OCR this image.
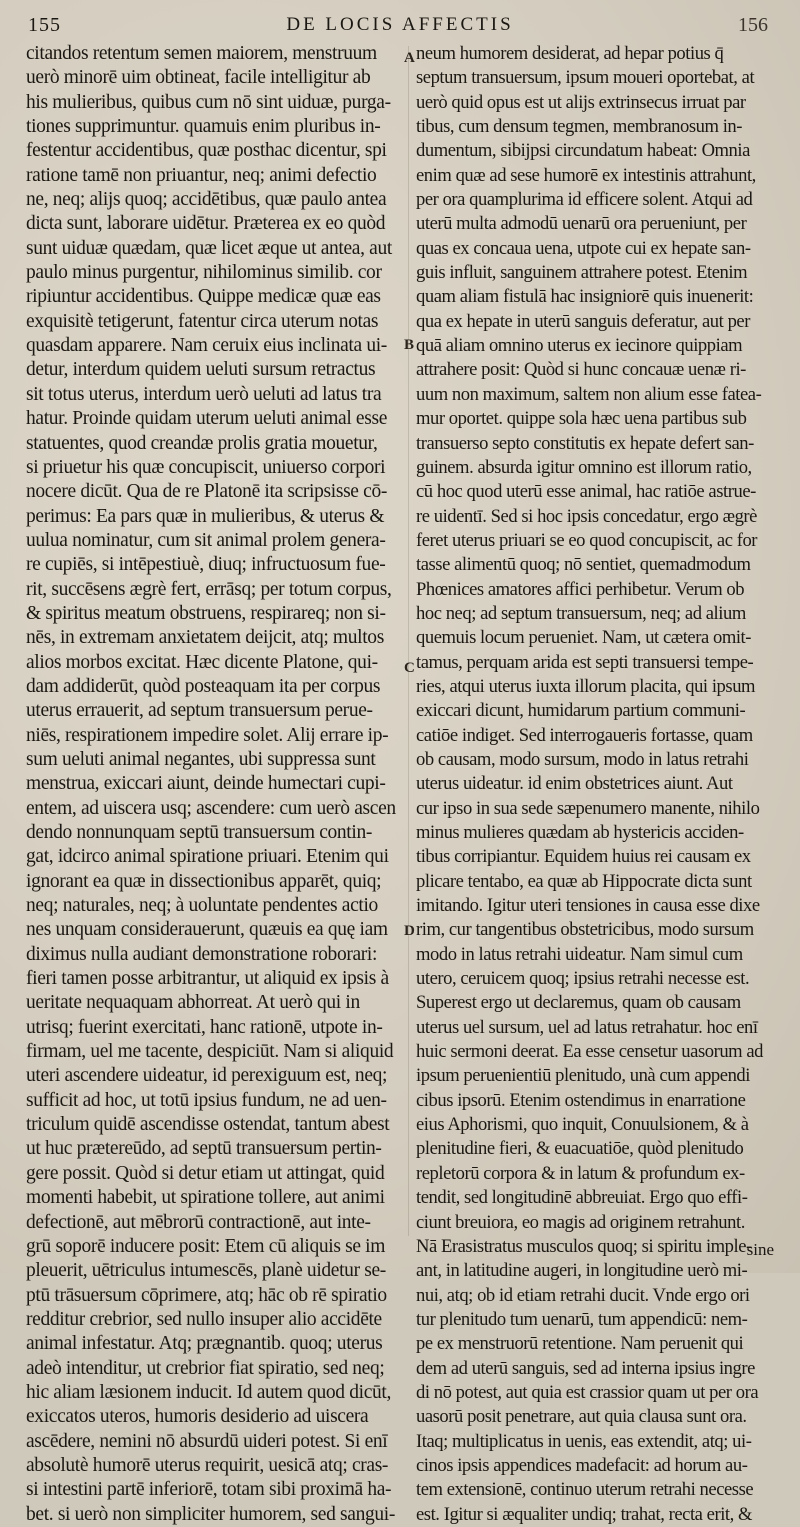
155	DE LOCIS AFFECTIS	156
citandos retentum semen maiorem, menstruum
uerò minorē uim obtineat, facile intelligitur ab
his mulieribus, quibus cum nō sint uiduæ, purga-
tiones supprimuntur. quamuis enim pluribus in-
festentur accidentibus, quæ posthac dicentur, spi
ratione tamē non priuantur, neq; animi defectio
ne, neq; alijs quoq; accidētibus, quæ paulo antea
dicta sunt, laborare uidētur. Præterea ex eo quòd
sunt uiduæ quædam, quæ licet æque ut antea, aut
paulo minus purgentur, nihilominus similib. cor
ripiuntur accidentibus. Quippe medicæ quæ eas
exquisitè tetigerunt, fatentur circa uterum notas
quasdam apparere. Nam ceruix eius inclinata ui-
detur, interdum quidem ueluti sursum retractus
sit totus uterus, interdum uerò ueluti ad latus tra
hatur. Proinde quidam uterum ueluti animal esse
statuentes, quod creandæ prolis gratia mouetur,
si priuetur his quæ concupiscit, uniuerso corpori
nocere dicūt. Qua de re Platonē ita scripsisse cō-
perimus: Ea pars quæ in mulieribus, & uterus &
uulua nominatur, cum sit animal prolem genera-
re cupiēs, si intēpestiuè, diuq; infructuosum fue-
rit, succēsens ægrè fert, errāsq; per totum corpus,
& spiritus meatum obstruens, respirareq; non si-
nēs, in extremam anxietatem deijcit, atq; multos
alios morbos excitat. Hæc dicente Platone, qui-
dam addiderūt, quòd posteaquam ita per corpus
uterus errauerit, ad septum transuersum perue-
niēs, respirationem impedire solet. Alij errare ip-
sum ueluti animal negantes, ubi suppressa sunt
menstrua, exiccari aiunt, deinde humectari cupi-
entem, ad uiscera usq; ascendere: cum uerò ascen
dendo nonnunquam septū transuersum contin-
gat, idcirco animal spiratione priuari. Etenim qui
ignorant ea quæ in dissectionibus apparēt, quiq;
neq; naturales, neq; à uoluntate pendentes actio
nes unquam considerauerunt, quæuis ea quę iam
diximus nulla audiant demonstratione roborari:
fieri tamen posse arbitrantur, ut aliquid ex ipsis à
ueritate nequaquam abhorreat. At uerò qui in
utrisq; fuerint exercitati, hanc rationē, utpote in-
firmam, uel me tacente, despiciūt. Nam si aliquid
uteri ascendere uideatur, id perexiguum est, neq;
sufficit ad hoc, ut totū ipsius fundum, ne ad uen-
triculum quidē ascendisse ostendat, tantum abest
ut huc prætereūdo, ad septū transuersum pertin-
gere possit. Quòd si detur etiam ut attingat, quid
momenti habebit, ut spiratione tollere, aut animi
defectionē, aut mēbrorū contractionē, aut inte-
grū soporē inducere posit: Etem cū aliquis se im
pleuerit, uētriculus intumescēs, planè uidetur se-
ptū trāsuersum cōprimere, atq; hāc ob rē spiratio
redditur crebrior, sed nullo insuper alio accidēte
animal infestatur. Atq; prægnantib. quoq; uterus
adeò intenditur, ut crebrior fiat spiratio, sed neq;
hic aliam læsionem inducit. Id autem quod dicūt,
exiccatos uteros, humoris desiderio ad uiscera
ascēdere, nemini nō absurdū uideri potest. Si enī
absolutè humorē uterus requirit, uesicā atq; cras-
si intestini partē inferiorē, totam sibi proximā ha-
bet. si uerò non simpliciter humorem, sed sangui-
neum humorem desiderat, ad hepar potius q̄
septum transuersum, ipsum moueri oportebat, at
uerò quid opus est ut alijs extrinsecus irruat par
tibus, cum densum tegmen, membranosum in-
dumentum, sibijpsi circundatum habeat: Omnia
enim quæ ad sese humorē ex intestinis attrahunt,
per ora quamplurima id efficere solent. Atqui ad
uterū multa admodū uenarū ora perueniunt, per
quas ex concaua uena, utpote cui ex hepate san-
guis influit, sanguinem attrahere potest. Etenim
quam aliam fistulā hac insigniorē quis inuenerit:
qua ex hepate in uterū sanguis deferatur, aut per
quā aliam omnino uterus ex iecinore quippiam
attrahere posit: Quòd si hunc concauæ uenæ ri-
uum non maximum, saltem non alium esse fatea-
mur oportet. quippe sola hæc uena partibus sub
transuerso septo constitutis ex hepate defert san-
guinem. absurda igitur omnino est illorum ratio,
cū hoc quod uterū esse animal, hac ratiōe astrue-
re uidentī. Sed si hoc ipsis concedatur, ergo ægrè
feret uterus priuari se eo quod concupiscit, ac for
tasse alimentū quoq; nō sentiet, quemadmodum
Phœnices amatores affici perhibetur. Verum ob
hoc neq; ad septum transuersum, neq; ad alium
quemuis locum perueniet. Nam, ut cætera omit-
tamus, perquam arida est septi transuersi tempe-
ries, atqui uterus iuxta illorum placita, qui ipsum
exiccari dicunt, humidarum partium communi-
catiōe indiget. Sed interrogaueris fortasse, quam
ob causam, modo sursum, modo in latus retrahi
uterus uideatur. id enim obstetrices aiunt. Aut
cur ipso in sua sede sæpenumero manente, nihilo
minus mulieres quædam ab hystericis acciden-
tibus corripiantur. Equidem huius rei causam ex
plicare tentabo, ea quæ ab Hippocrate dicta sunt
imitando. Igitur uteri tensiones in causa esse dixe
rim, cur tangentibus obstetricibus, modo sursum
modo in latus retrahi uideatur. Nam simul cum
utero, ceruicem quoq; ipsius retrahi necesse est.
Superest ergo ut declaremus, quam ob causam
uterus uel sursum, uel ad latus retrahatur. hoc enī
huic sermoni deerat. Ea esse censetur uasorum ad
ipsum peruenientiū plenitudo, unà cum appendi
cibus ipsorū. Etenim ostendimus in enarratione
eius Aphorismi, quo inquit, Conuulsionem, & à
plenitudine fieri, & euacuatiōe, quòd plenitudo
repletorū corpora & in latum & profundum ex-
tendit, sed longitudinē abbreuiat. Ergo quo effi-
ciunt breuiora, eo magis ad originem retrahunt.
Nā Erasistratus musculos quoq; si spiritu imple-
ant, in latitudine augeri, in longitudine uerò mi-
nui, atq; ob id etiam retrahi ducit. Vnde ergo ori
tur plenitudo tum uenarū, tum appendicū: nem-
pe ex menstruorū retentione. Nam peruenit qui
dem ad uterū sanguis, sed ad interna ipsius ingre
di nō potest, aut quia est crassior quam ut per ora
uasorū posit penetrare, aut quia clausa sunt ora.
Itaq; multiplicatus in uenis, eas extendit, atq; ui-
cinos ipsis appendices madefacit: ad horum au-
tem extensionē, continuo uterum retrahi necesse
est. Igitur si æqualiter undiq; trahat, recta erit, &
A
B
C
D
sine
